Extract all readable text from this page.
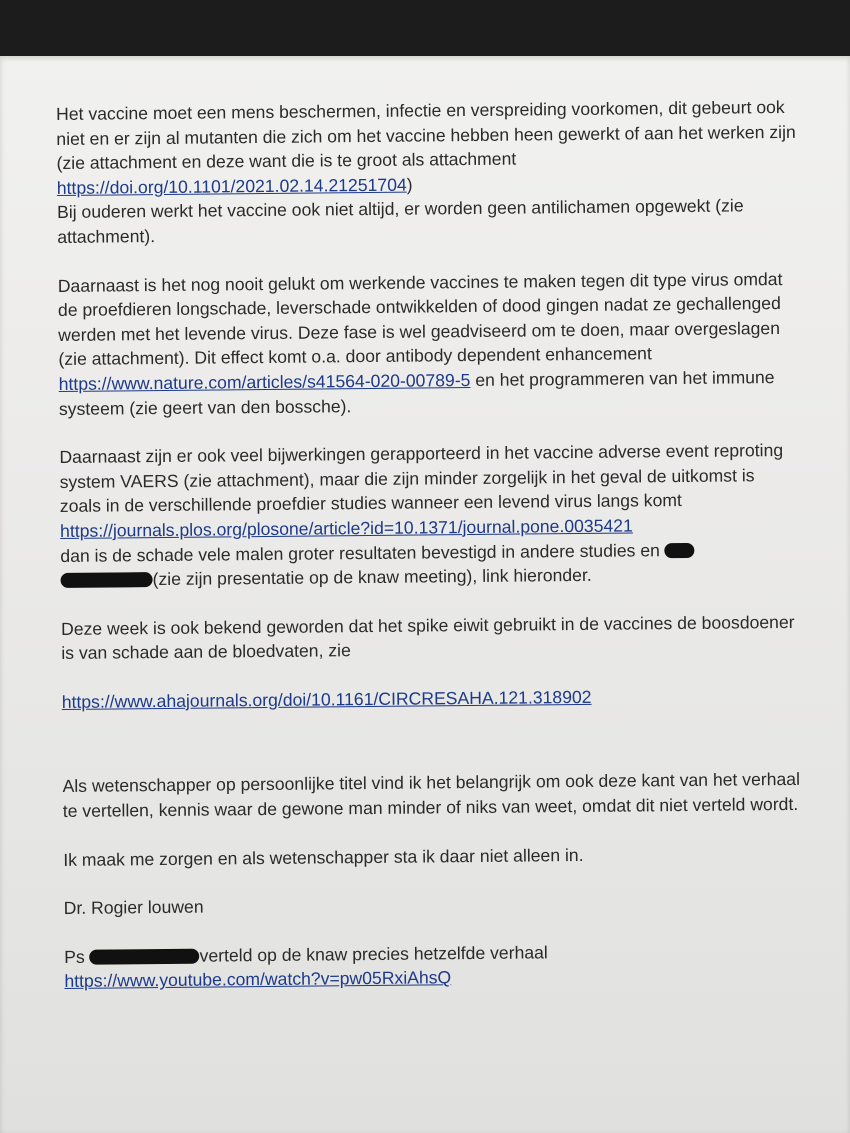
Het vaccine moet een mens beschermen, infectie en verspreiding voorkomen, dit gebeurt ook niet en er zijn al mutanten die zich om het vaccine hebben heen gewerkt of aan het werken zijn (zie attachment en deze want die is te groot als attachment https://doi.org/10.1101/2021.02.14.21251704)
Bij ouderen werkt het vaccine ook niet altijd, er worden geen antilichamen opgewekt (zie attachment).

Daarnaast is het nog nooit gelukt om werkende vaccines te maken tegen dit type virus omdat de proefdieren longschade, leverschade ontwikkelden of dood gingen nadat ze gechallenged werden met het levende virus. Deze fase is wel geadviseerd om te doen, maar overgeslagen (zie attachment). Dit effect komt o.a. door antibody dependent enhancement https://www.nature.com/articles/s41564-020-00789-5 en het programmeren van het immune systeem (zie geert van den bossche).

Daarnaast zijn er ook veel bijwerkingen gerapporteerd in het vaccine adverse event reproting system VAERS (zie attachment), maar die zijn minder zorgelijk in het geval de uitkomst is zoals in de verschillende proefdier studies wanneer een levend virus langs komt https://journals.plos.org/plosone/article?id=10.1371/journal.pone.0035421
dan is de schade vele malen groter resultaten bevestigd in andere studies en
(zie zijn presentatie op de knaw meeting), link hieronder.

Deze week is ook bekend geworden dat het spike eiwit gebruikt in de vaccines de boosdoener is van schade aan de bloedvaten, zie

https://www.ahajournals.org/doi/10.1161/CIRCRESAHA.121.318902

Als wetenschapper op persoonlijke titel vind ik het belangrijk om ook deze kant van het verhaal te vertellen, kennis waar de gewone man minder of niks van weet, omdat dit niet verteld wordt.

Ik maak me zorgen en als wetenschapper sta ik daar niet alleen in.

Dr. Rogier louwen

Ps	verteld op de knaw precies hetzelfde verhaal https://www.youtube.com/watch?v=pw05RxiAhsQ
